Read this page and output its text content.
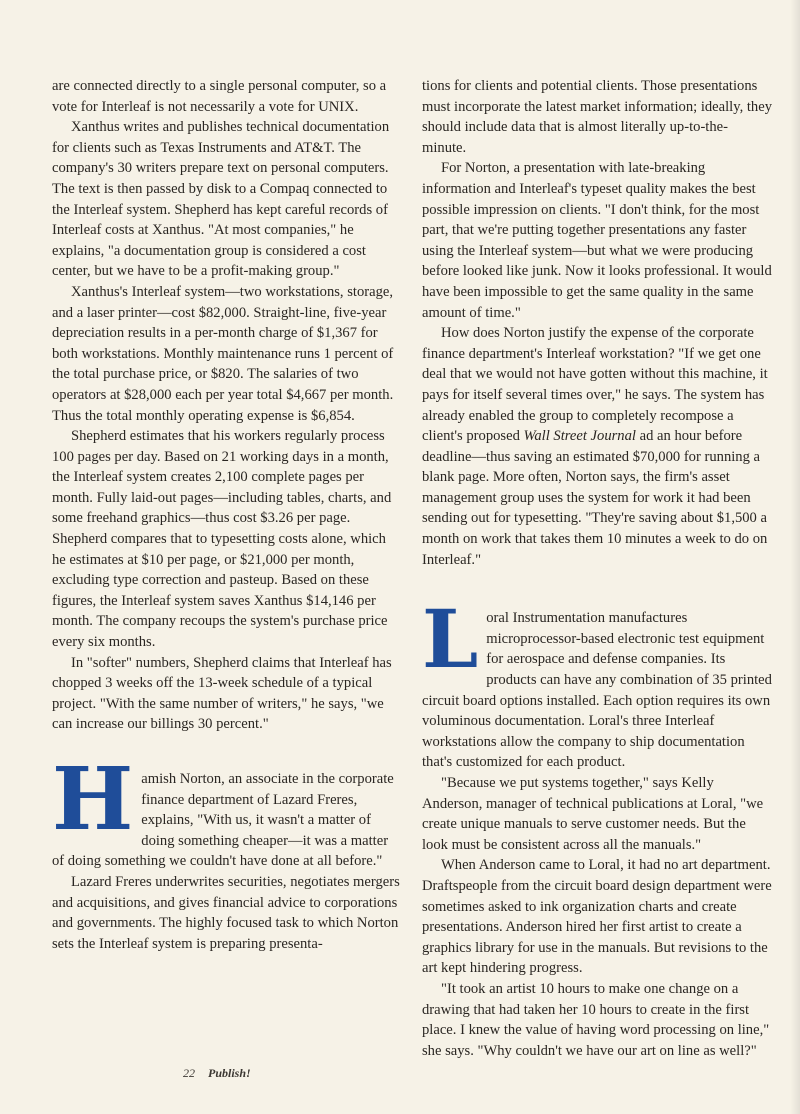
are connected directly to a single personal computer, so a vote for Interleaf is not necessarily a vote for UNIX.

Xanthus writes and publishes technical documentation for clients such as Texas Instruments and AT&T. The company's 30 writers prepare text on personal computers. The text is then passed by disk to a Compaq connected to the Interleaf system. Shepherd has kept careful records of Interleaf costs at Xanthus. "At most companies," he explains, "a documentation group is considered a cost center, but we have to be a profit-making group."

Xanthus's Interleaf system—two workstations, storage, and a laser printer—cost $82,000. Straight-line, five-year depreciation results in a per-month charge of $1,367 for both workstations. Monthly maintenance runs 1 percent of the total purchase price, or $820. The salaries of two operators at $28,000 each per year total $4,667 per month. Thus the total monthly operating expense is $6,854.

Shepherd estimates that his workers regularly process 100 pages per day. Based on 21 working days in a month, the Interleaf system creates 2,100 complete pages per month. Fully laid-out pages—including tables, charts, and some freehand graphics—thus cost $3.26 per page. Shepherd compares that to typesetting costs alone, which he estimates at $10 per page, or $21,000 per month, excluding type correction and pasteup. Based on these figures, the Interleaf system saves Xanthus $14,146 per month. The company recoups the system's purchase price every six months.

In "softer" numbers, Shepherd claims that Interleaf has chopped 3 weeks off the 13-week schedule of a typical project. "With the same number of writers," he says, "we can increase our billings 30 percent."

H amish Norton, an associate in the corporate finance department of Lazard Freres, explains, "With us, it wasn't a matter of doing something cheaper—it was a matter of doing something we couldn't have done at all before."

Lazard Freres underwrites securities, negotiates mergers and acquisitions, and gives financial advice to corporations and governments. The highly focused task to which Norton sets the Interleaf system is preparing presenta-

tions for clients and potential clients. Those presentations must incorporate the latest market information; ideally, they should include data that is almost literally up-to-the-minute.

For Norton, a presentation with late-breaking information and Interleaf's typeset quality makes the best possible impression on clients. "I don't think, for the most part, that we're putting together presentations any faster using the Interleaf system—but what we were producing before looked like junk. Now it looks professional. It would have been impossible to get the same quality in the same amount of time."

How does Norton justify the expense of the corporate finance department's Interleaf workstation? "If we get one deal that we would not have gotten without this machine, it pays for itself several times over," he says. The system has already enabled the group to completely recompose a client's proposed Wall Street Journal ad an hour before deadline—thus saving an estimated $70,000 for running a blank page. More often, Norton says, the firm's asset management group uses the system for work it had been sending out for typesetting. "They're saving about $1,500 a month on work that takes them 10 minutes a week to do on Interleaf."

L oral Instrumentation manufactures microprocessor-based electronic test equipment for aerospace and defense companies. Its products can have any combination of 35 printed circuit board options installed. Each option requires its own voluminous documentation. Loral's three Interleaf workstations allow the company to ship documentation that's customized for each product.

"Because we put systems together," says Kelly Anderson, manager of technical publications at Loral, "we create unique manuals to serve customer needs. But the look must be consistent across all the manuals."

When Anderson came to Loral, it had no art department. Draftspeople from the circuit board design department were sometimes asked to ink organization charts and create presentations. Anderson hired her first artist to create a graphics library for use in the manuals. But revisions to the art kept hindering progress.

"It took an artist 10 hours to make one change on a drawing that had taken her 10 hours to create in the first place. I knew the value of having word processing on line," she says. "Why couldn't we have our art on line as well?"

22 Publish!
